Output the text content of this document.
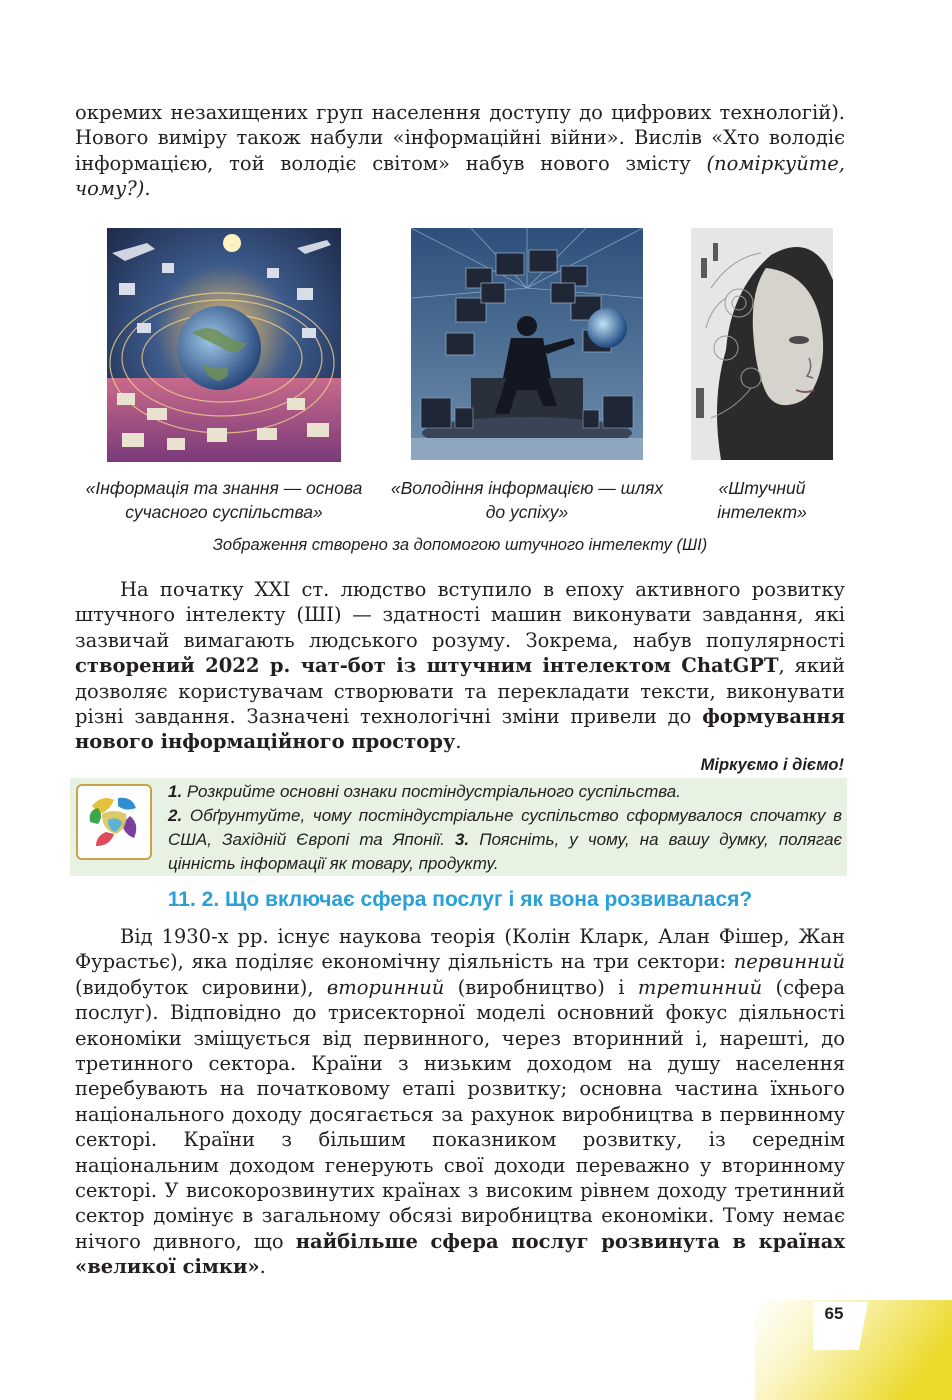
окремих незахищених груп населення доступу до цифрових технологій). Нового виміру також набули «інформаційні війни». Вислів «Хто володіє інформацією, той володіє світом» набув нового змісту (поміркуйте, чому?).
«Інформація та знання — основа сучасного суспільства»
«Володіння інформацією — шлях до успіху»
«Штучний інтелект»
Зображення створено за допомогою штучного інтелекту (ШІ)
На початку XXI ст. людство вступило в епоху активного розвитку штучного інтелекту (ШІ) — здатності машин виконувати завдання, які зазвичай вимагають людського розуму. Зокрема, набув популярності створений 2022 р. чат-бот із штучним інтелектом ChatGPT, який дозволяє користувачам створювати та перекладати тексти, виконувати різні завдання. Зазначені технологічні зміни привели до формування нового інформаційного простору.
Міркуємо і діємо!
1. Розкрийте основні ознаки постіндустріального суспільства.
2. Обґрунтуйте, чому постіндустріальне суспільство сформувалося спочатку в США, Західній Європі та Японії. 3. Поясніть, у чому, на вашу думку, полягає цінність інформації як товару, продукту.
11. 2. Що включає сфера послуг і як вона розвивалася?
Від 1930-х рр. існує наукова теорія (Колін Кларк, Алан Фішер, Жан Фурастьє), яка поділяє економічну діяльність на три сектори: первинний (видобуток сировини), вторинний (виробництво) і третинний (сфера послуг). Відповідно до трисекторної моделі основний фокус діяльності економіки зміщується від первинного, через вторинний і, нарешті, до третинного сектора. Країни з низьким доходом на душу населення перебувають на початковому етапі розвитку; основна частина їхнього національного доходу досягається за рахунок виробництва в первинному секторі. Країни з більшим показником розвитку, із середнім національним доходом генерують свої доходи переважно у вторинному секторі. У високорозвинутих країнах з високим рівнем доходу третинний сектор домінує в загальному обсязі виробництва економіки. Тому немає нічого дивного, що найбільше сфера послуг розвинута в країнах «великої сімки».
65
